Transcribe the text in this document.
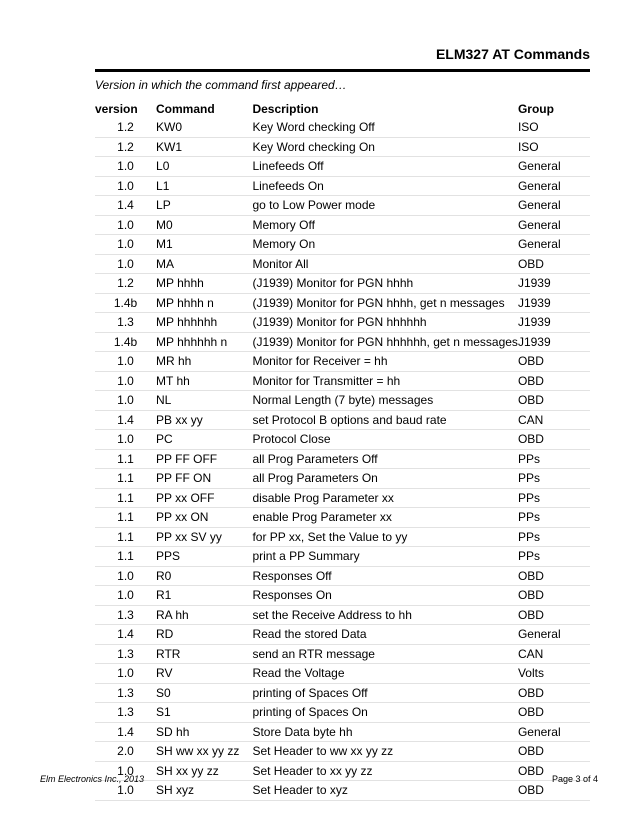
ELM327 AT Commands
Version in which the command first appeared…
version	Command	Description	Group
1.2	KW0	Key Word checking Off	ISO
1.2	KW1	Key Word checking On	ISO
1.0	L0	Linefeeds Off	General
1.0	L1	Linefeeds On	General
1.4	LP	go to Low Power mode	General
1.0	M0	Memory Off	General
1.0	M1	Memory On	General
1.0	MA	Monitor All	OBD
1.2	MP hhhh	(J1939) Monitor for PGN hhhh	J1939
1.4b	MP hhhh n	(J1939) Monitor for PGN hhhh, get n messages	J1939
1.3	MP hhhhhh	(J1939) Monitor for PGN hhhhhh	J1939
1.4b	MP hhhhhh n	(J1939) Monitor for PGN hhhhhh, get n messages	J1939
1.0	MR hh	Monitor for Receiver = hh	OBD
1.0	MT hh	Monitor for Transmitter = hh	OBD
1.0	NL	Normal Length (7 byte) messages	OBD
1.4	PB xx yy	set Protocol B options and baud rate	CAN
1.0	PC	Protocol Close	OBD
1.1	PP FF OFF	all Prog Parameters Off	PPs
1.1	PP FF ON	all Prog Parameters On	PPs
1.1	PP xx OFF	disable Prog Parameter xx	PPs
1.1	PP xx ON	enable Prog Parameter xx	PPs
1.1	PP xx SV yy	for PP xx, Set the Value to yy	PPs
1.1	PPS	print a PP Summary	PPs
1.0	R0	Responses Off	OBD
1.0	R1	Responses On	OBD
1.3	RA hh	set the Receive Address to hh	OBD
1.4	RD	Read the stored Data	General
1.3	RTR	send an RTR message	CAN
1.0	RV	Read the Voltage	Volts
1.3	S0	printing of Spaces Off	OBD
1.3	S1	printing of Spaces On	OBD
1.4	SD hh	Store Data byte hh	General
2.0	SH ww xx yy zz	Set Header to ww xx yy zz	OBD
1.0	SH xx yy zz	Set Header to xx yy zz	OBD
1.0	SH xyz	Set Header to xyz	OBD
Elm Electronics Inc., 2013	Page 3 of 4
